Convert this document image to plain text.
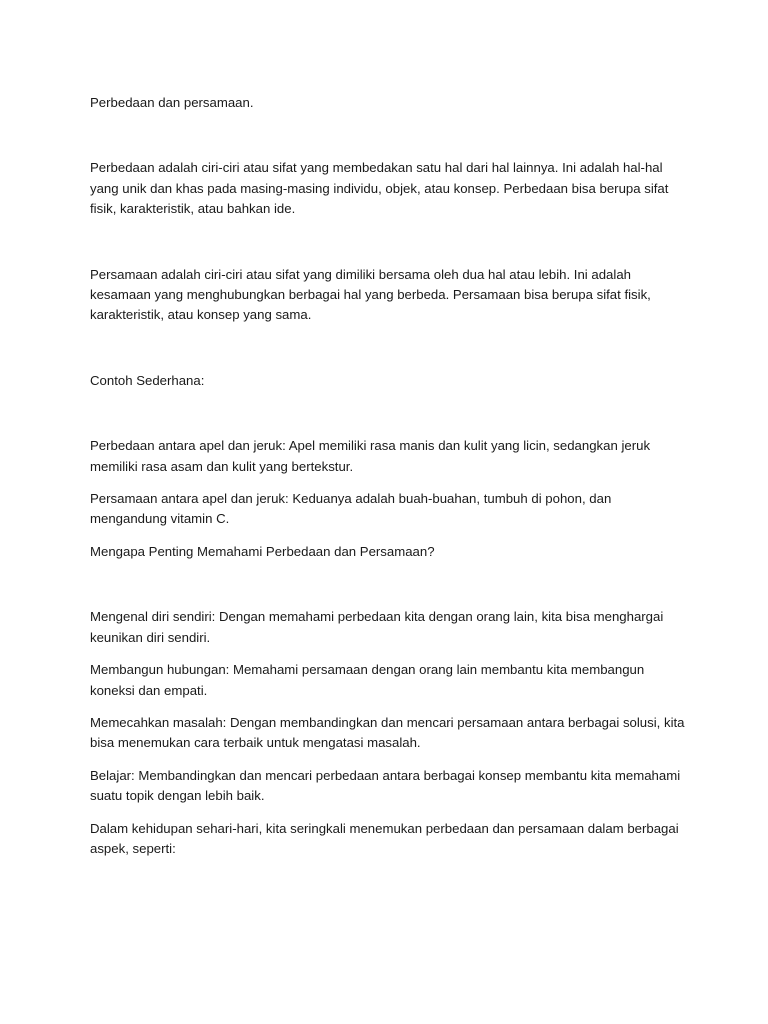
Perbedaan dan persamaan.

Perbedaan adalah ciri-ciri atau sifat yang membedakan satu hal dari hal lainnya. Ini adalah hal-hal yang unik dan khas pada masing-masing individu, objek, atau konsep. Perbedaan bisa berupa sifat fisik, karakteristik, atau bahkan ide.

Persamaan adalah ciri-ciri atau sifat yang dimiliki bersama oleh dua hal atau lebih. Ini adalah kesamaan yang menghubungkan berbagai hal yang berbeda. Persamaan bisa berupa sifat fisik, karakteristik, atau konsep yang sama.

Contoh Sederhana:

Perbedaan antara apel dan jeruk: Apel memiliki rasa manis dan kulit yang licin, sedangkan jeruk memiliki rasa asam dan kulit yang bertekstur.

Persamaan antara apel dan jeruk: Keduanya adalah buah-buahan, tumbuh di pohon, dan mengandung vitamin C.

Mengapa Penting Memahami Perbedaan dan Persamaan?

Mengenal diri sendiri: Dengan memahami perbedaan kita dengan orang lain, kita bisa menghargai keunikan diri sendiri.

Membangun hubungan: Memahami persamaan dengan orang lain membantu kita membangun koneksi dan empati.

Memecahkan masalah: Dengan membandingkan dan mencari persamaan antara berbagai solusi, kita bisa menemukan cara terbaik untuk mengatasi masalah.

Belajar: Membandingkan dan mencari perbedaan antara berbagai konsep membantu kita memahami suatu topik dengan lebih baik.

Dalam kehidupan sehari-hari, kita seringkali menemukan perbedaan dan persamaan dalam berbagai aspek, seperti:
